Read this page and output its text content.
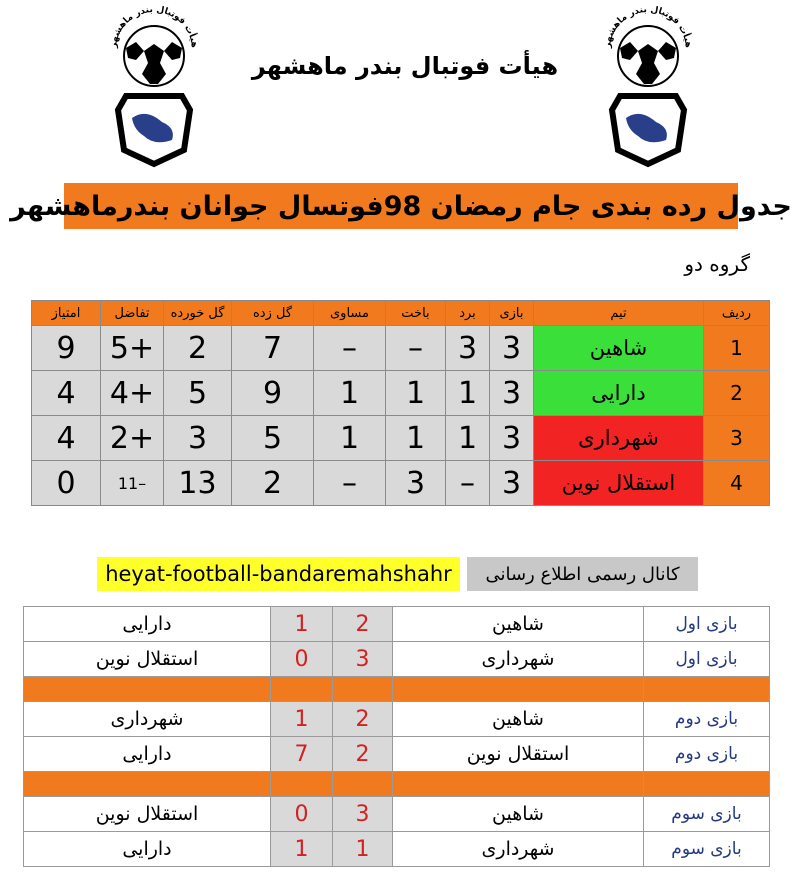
هیأت فوتبال بندر ماهشهر	هیأت فوتبال بندر ماهشهر
هیأت فوتبال بندر ماهشهر
جدول رده بندی جام رمضان 98فوتسال جوانان بندرماهشهر
گروه دو
ردیف	تیم	بازی	برد	باخت	مساوی	گل زده	گل خورده	تفاضل	امتیاز
1	شاهین	3	3	–	–	7	2	+5	9
2	دارایی	3	1	1	1	9	5	+4	4
3	شهرداری	3	1	1	1	5	3	+2	4
4	استقلال نوین	3	–	3	–	2	13	–11	0
کانال رسمی اطلاع رسانی
heyat-football-bandaremahshahr
بازی اول	شاهین	2	1	دارایی
بازی اول	شهرداری	3	0	استقلال نوین

بازی دوم	شاهین	2	1	شهرداری
بازی دوم	استقلال نوین	2	7	دارایی

بازی سوم	شاهین	3	0	استقلال نوین
بازی سوم	شهرداری	1	1	دارایی
